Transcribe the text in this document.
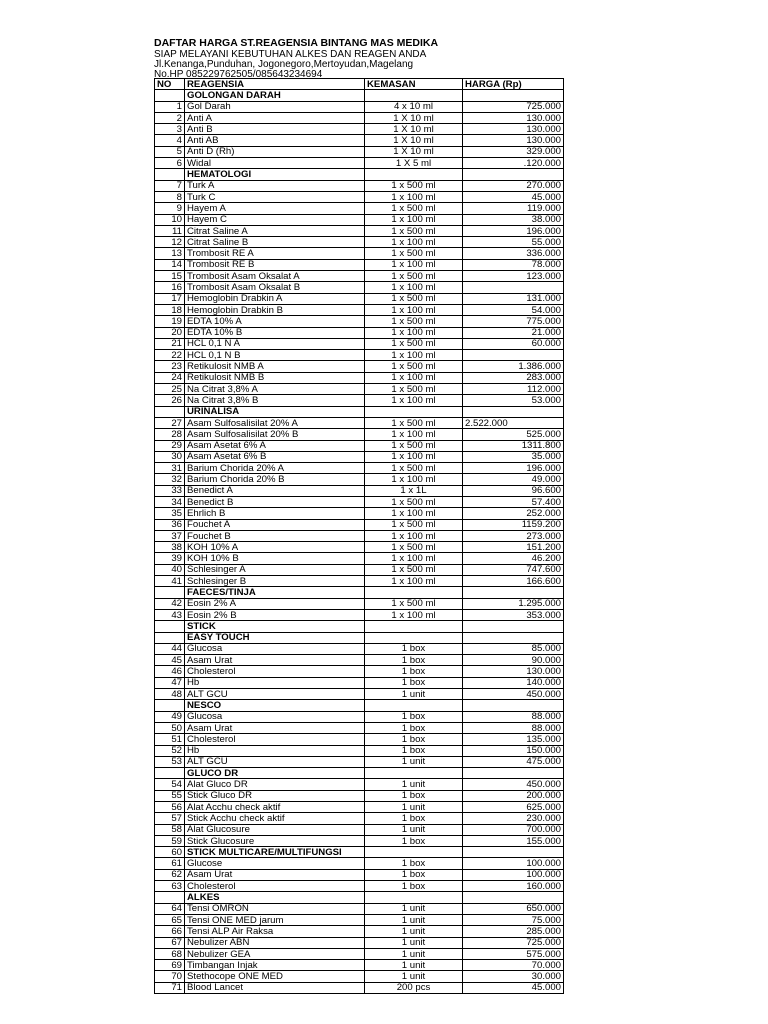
DAFTAR HARGA ST.REAGENSIA BINTANG MAS MEDIKA
SIAP MELAYANI KEBUTUHAN ALKES DAN REAGEN ANDA
Jl.Kenanga,Punduhan, Jogonegoro,Mertoyudan,Magelang
No.HP 085229762505/085643234694
NO	REAGENSIA	KEMASAN	HARGA (Rp)
	GOLONGAN DARAH		
1	Gol Darah	4 x 10 ml	725.000
2	Anti A	1 X 10 ml	130.000
3	Anti B	1 X 10 ml	130.000
4	Anti AB	1 X 10 ml	130.000
5	Anti D (Rh)	1 X 10 ml	329.000
6	Widal	1 X 5 ml	.120.000
	HEMATOLOGI		
7	Turk A	1 x 500 ml	270.000
8	Turk C	1 x 100 ml	45.000
9	Hayem A	1 x 500 ml	119.000
10	Hayem C	1 x 100 ml	38.000
11	Citrat Saline A	1 x 500 ml	196.000
12	Citrat Saline B	1 x 100 ml	55.000
13	Trombosit RE A	1 x 500 ml	336.000
14	Trombosit RE B	1 x 100 ml	78.000
15	Trombosit Asam Oksalat A	1 x 500 ml	123.000
16	Trombosit Asam Oksalat B	1 x 100 ml	
17	Hemoglobin Drabkin A	1 x 500 ml	131.000
18	Hemoglobin Drabkin B	1 x 100 ml	54.000
19	EDTA 10% A	1 x 500 ml	775.000
20	EDTA 10% B	1 x 100 ml	21.000
21	HCL 0,1 N A	1 x 500 ml	60.000
22	HCL 0,1 N B	1 x 100 ml	
23	Retikulosit NMB A	1 x 500 ml	1.386.000
24	Retikulosit NMB B	1 x 100 ml	283.000
25	Na Citrat 3,8% A	1 x 500 ml	112.000
26	Na Citrat 3,8% B	1 x 100 ml	53.000
	URINALISA		
27	Asam Sulfosalisilat 20% A	1 x 500 ml	2.522.000
28	Asam Sulfosalisilat 20% B	1 x 100 ml	525.000
29	Asam Asetat 6% A	1 x 500 ml	1311.800
30	Asam Asetat 6% B	1 x 100 ml	35.000
31	Barium Chorida 20% A	1 x 500 ml	196.000
32	Barium Chorida 20% B	1 x 100 ml	49.000
33	Benedict A	1 x 1L	96.600
34	Benedict B	1 x 500 ml	57.400
35	Ehrlich B	1 x 100 ml	252.000
36	Fouchet A	1 x 500 ml	1159.200
37	Fouchet B	1 x 100 ml	273.000
38	KOH 10% A	1 x 500 ml	151.200
39	KOH 10% B	1 x 100 ml	46.200
40	Schlesinger A	1 x 500 ml	747.600
41	Schlesinger B	1 x 100 ml	166.600
	FAECES/TINJA		
42	Eosin 2% A	1 x 500 ml	1.295.000
43	Eosin 2% B	1 x 100 ml	353.000
	STICK		
	EASY TOUCH		
44	Glucosa	1 box	85.000
45	Asam Urat	1 box	90.000
46	Cholesterol	1 box	130.000
47	Hb	1 box	140.000
48	ALT GCU	1 unit	450.000
	NESCO		
49	Glucosa	1 box	88.000
50	Asam Urat	1 box	88.000
51	Cholesterol	1 box	135.000
52	Hb	1 box	150.000
53	ALT GCU	1 unit	475.000
	GLUCO DR		
54	Alat Gluco DR	1 unit	450.000
55	Stick Gluco DR	1 box	200.000
56	Alat Acchu check aktif	1 unit	625.000
57	Stick Acchu check aktif	1 box	230.000
58	Alat Glucosure	1 unit	700.000
59	Stick Glucosure	1 box	155.000
60	STICK MULTICARE/MULTIFUNGSI		
61	Glucose	1 box	100.000
62	Asam Urat	1 box	100.000
63	Cholesterol	1 box	160.000
	ALKES		
64	Tensi OMRON	1 unit	650.000
65	Tensi ONE MED jarum	1 unit	75.000
66	Tensi ALP Air Raksa	1 unit	285.000
67	Nebulizer ABN	1 unit	725.000
68	Nebulizer GEA	1 unit	575.000
69	Timbangan Injak	1 unit	70.000
70	Stethocope ONE MED	1 unit	30.000
71	Blood Lancet	200 pcs	45.000
